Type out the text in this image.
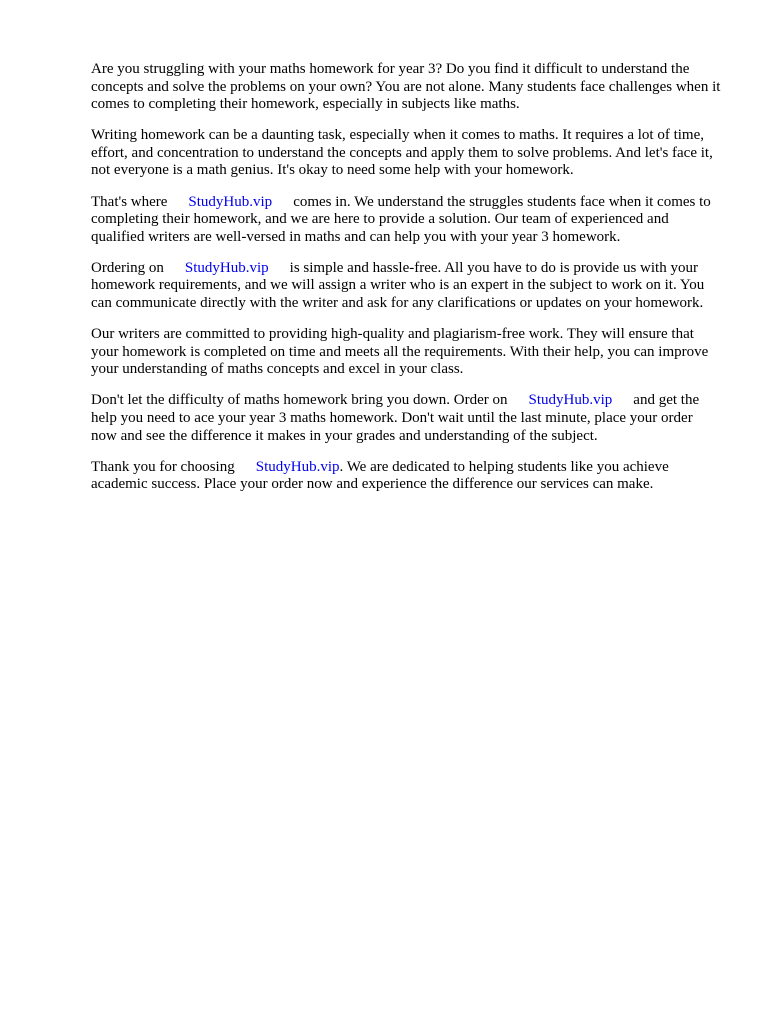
Are you struggling with your maths homework for year 3? Do you find it difficult to understand the concepts and solve the problems on your own? You are not alone. Many students face challenges when it comes to completing their homework, especially in subjects like maths.

Writing homework can be a daunting task, especially when it comes to maths. It requires a lot of time, effort, and concentration to understand the concepts and apply them to solve problems. And let's face it, not everyone is a math genius. It's okay to need some help with your homework.

That's where StudyHub.vip comes in. We understand the struggles students face when it comes to completing their homework, and we are here to provide a solution. Our team of experienced and qualified writers are well-versed in maths and can help you with your year 3 homework.

Ordering on StudyHub.vip is simple and hassle-free. All you have to do is provide us with your homework requirements, and we will assign a writer who is an expert in the subject to work on it. You can communicate directly with the writer and ask for any clarifications or updates on your homework.

Our writers are committed to providing high-quality and plagiarism-free work. They will ensure that your homework is completed on time and meets all the requirements. With their help, you can improve your understanding of maths concepts and excel in your class.

Don't let the difficulty of maths homework bring you down. Order on StudyHub.vip and get the help you need to ace your year 3 maths homework. Don't wait until the last minute, place your order now and see the difference it makes in your grades and understanding of the subject.

Thank you for choosing StudyHub.vip. We are dedicated to helping students like you achieve academic success. Place your order now and experience the difference our services can make.
